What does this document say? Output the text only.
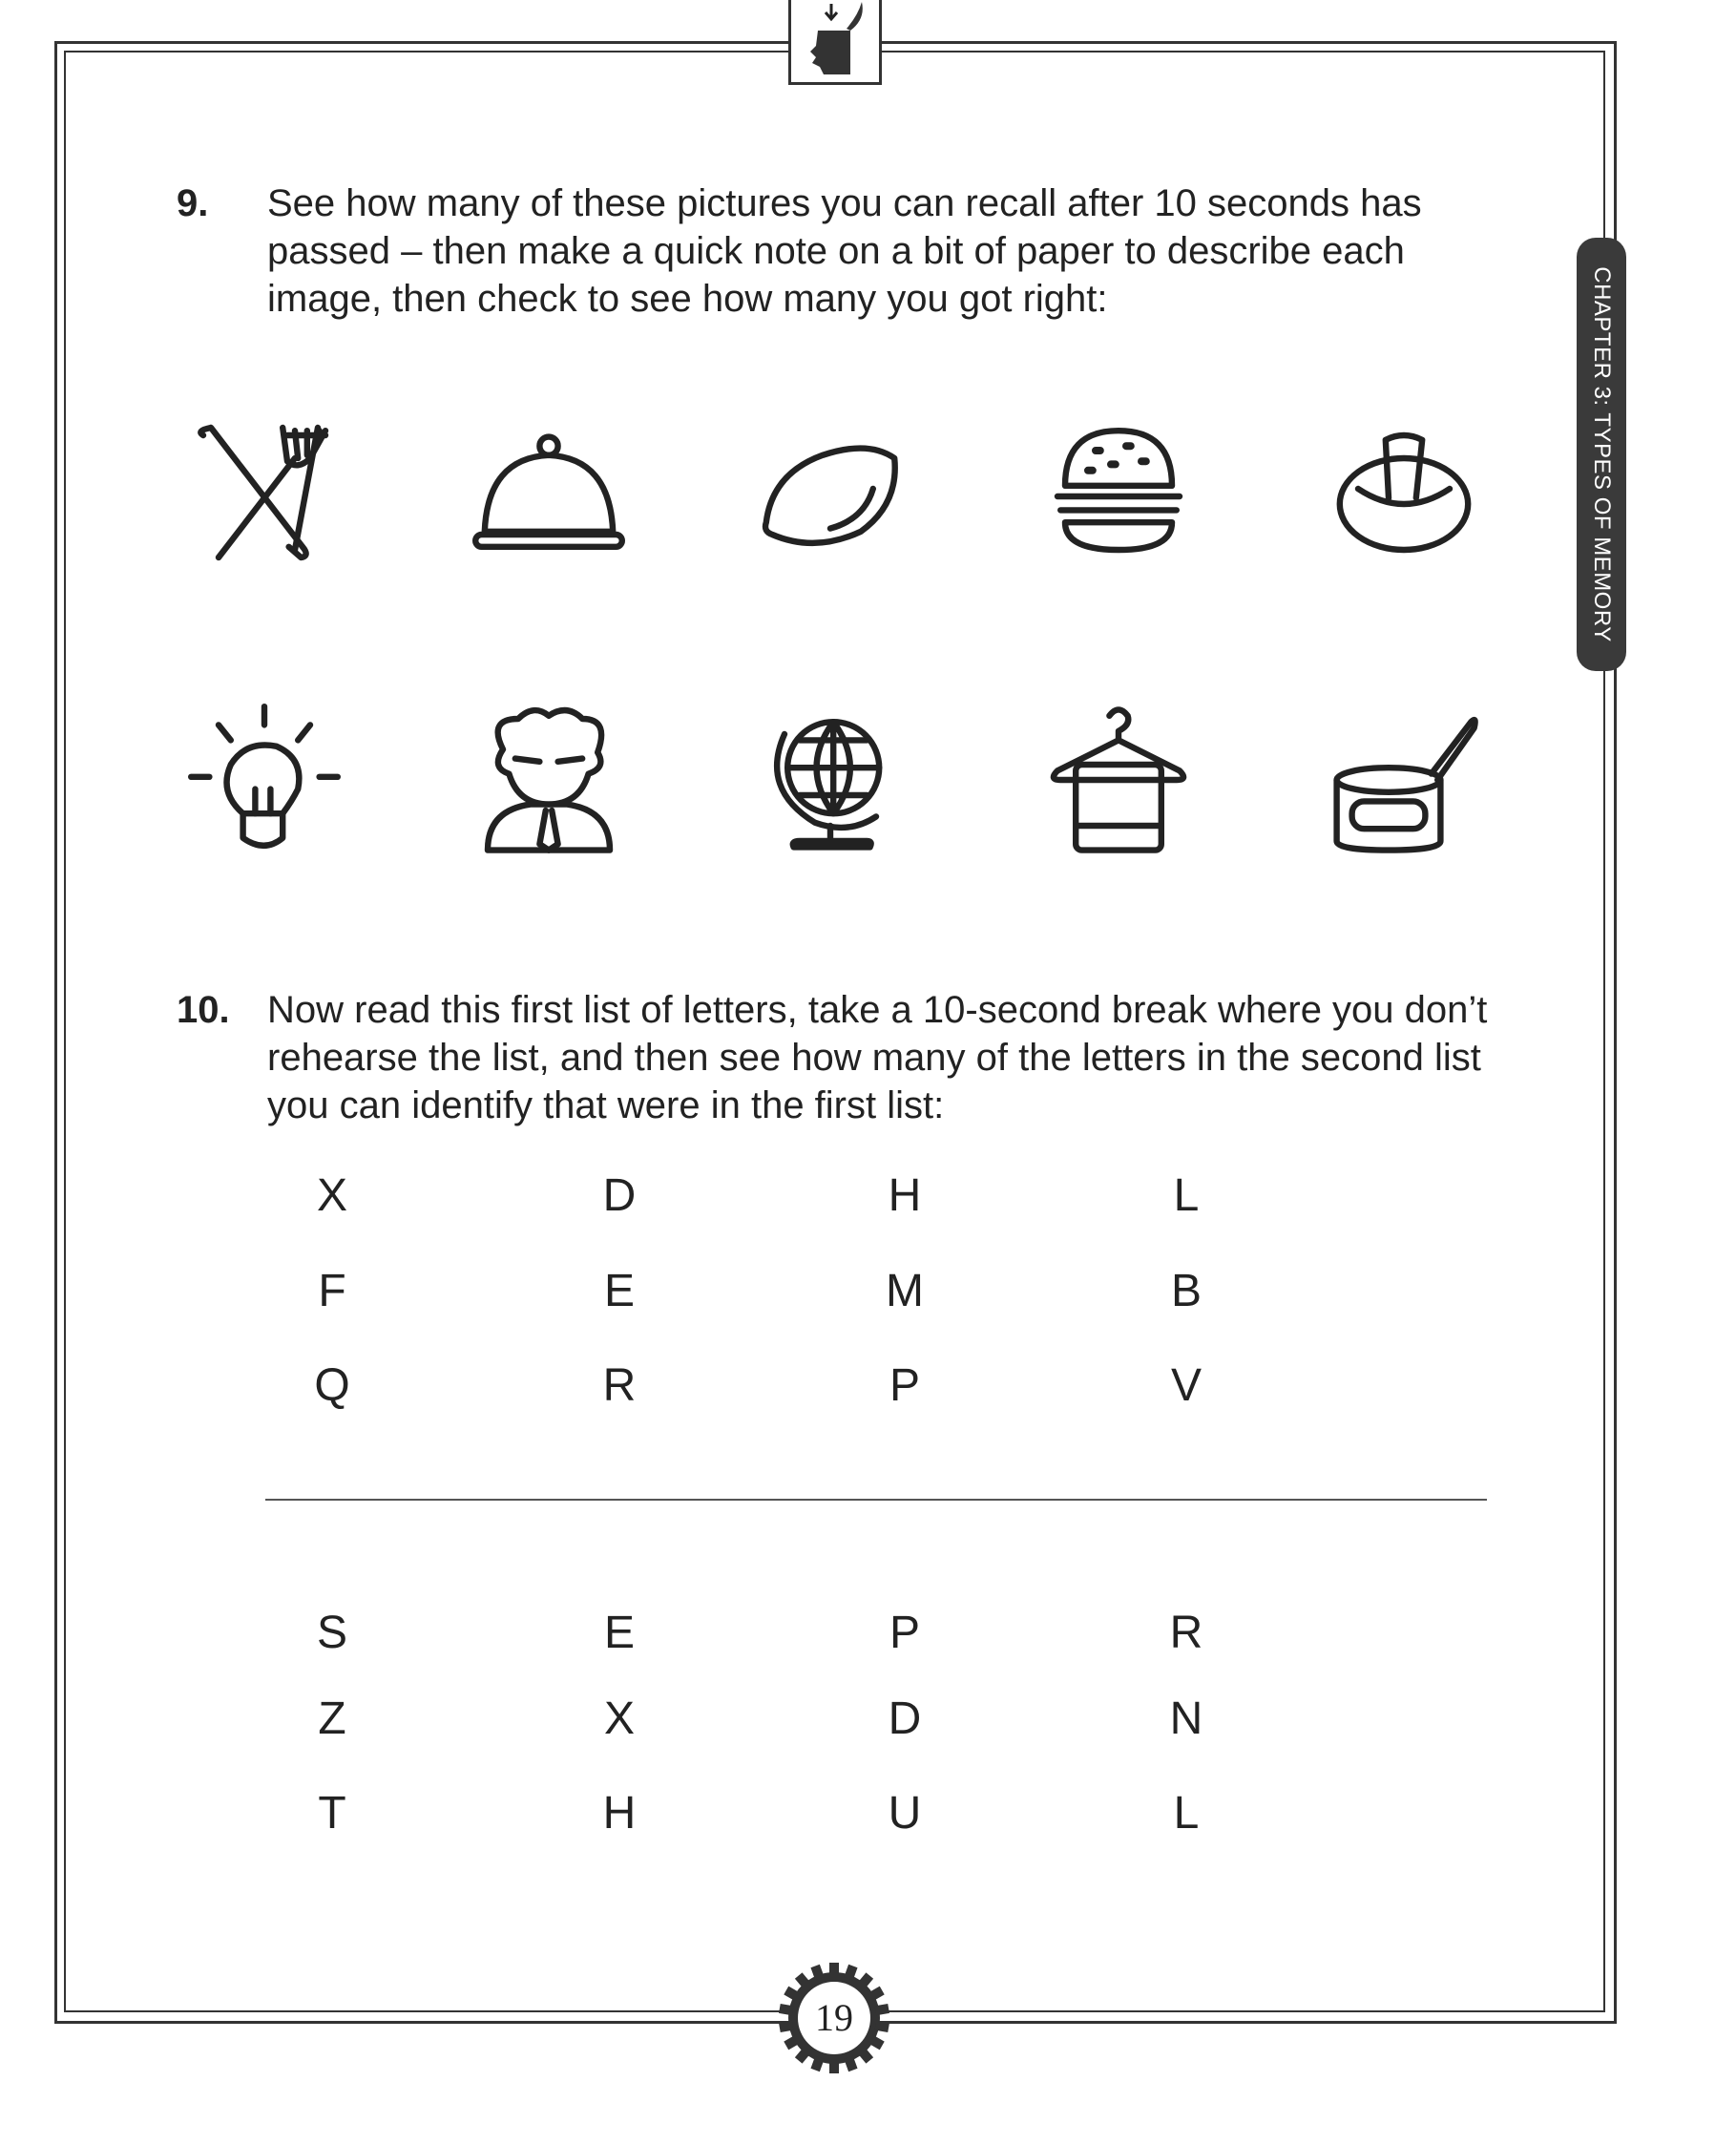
CHAPTER 3: TYPES OF MEMORY
9. See how many of these pictures you can recall after 10 seconds has passed – then make a quick note on a bit of paper to describe each image, then check to see how many you got right:
10. Now read this first list of letters, take a 10-second break where you don’t rehearse the list, and then see how many of the letters in the second list you can identify that were in the first list:
X	D	H	L
F	E	M	B
Q	R	P	V
S	E	P	R
Z	X	D	N
T	H	U	L
19
